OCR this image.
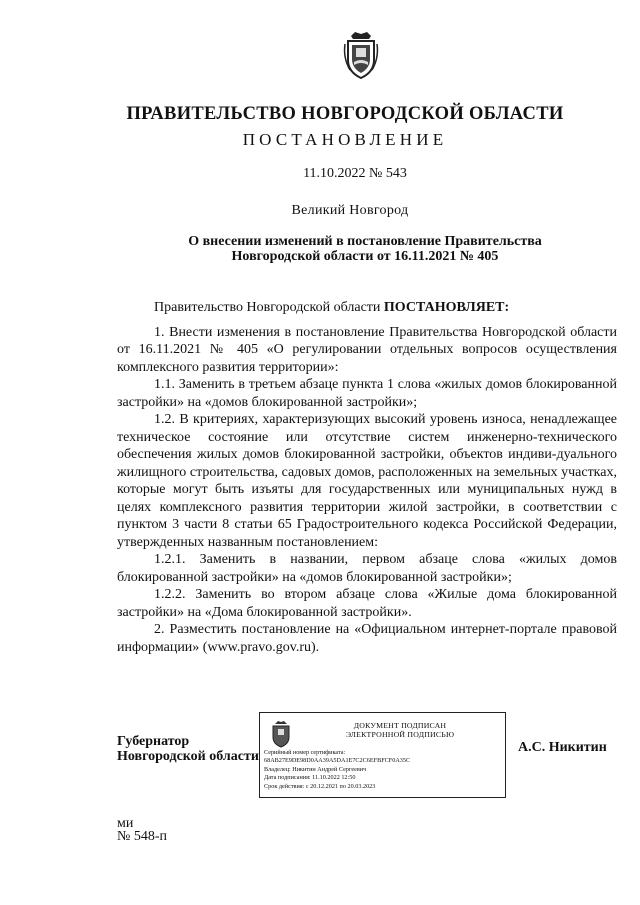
ПРАВИТЕЛЬСТВО НОВГОРОДСКОЙ ОБЛАСТИ
ПОСТАНОВЛЕНИЕ
11.10.2022 № 543
Великий Новгород
О внесении изменений в постановление Правительства
Новгородской области от 16.11.2021 № 405

Правительство Новгородской области ПОСТАНОВЛЯЕТ:

1. Внести изменения в постановление Правительства Новгородской области от 16.11.2021 № 405 «О регулировании отдельных вопросов осуществления комплексного развития территории»:

1.1. Заменить в третьем абзаце пункта 1 слова «жилых домов блокированной застройки» на «домов блокированной застройки»;

1.2. В критериях, характеризующих высокий уровень износа, ненадлежащее техническое состояние или отсутствие систем инженерно-технического обеспечения жилых домов блокированной застройки, объектов индиви-дуального жилищного строительства, садовых домов, расположенных на земельных участках, которые могут быть изъяты для государственных или муниципальных нужд в целях комплексного развития территории жилой застройки, в соответствии с пунктом 3 части 8 статьи 65 Градостроительного кодекса Российской Федерации, утвержденных названным постановлением:

1.2.1. Заменить в названии, первом абзаце слова «жилых домов блокированной застройки» на «домов блокированной застройки»;

1.2.2. Заменить во втором абзаце слова «Жилые дома блокированной застройки» на «Дома блокированной застройки».

2. Разместить постановление на «Официальном интернет-портале правовой информации» (www.pravo.gov.ru).

Губернатор
Новгородской области
ДОКУМЕНТ ПОДПИСАН
ЭЛЕКТРОННОЙ ПОДПИСЬЮ
Серийный номер сертификата:
68AB27E9DE98D0AA39A5DA1E7C2C6EFBFCF0A35C
Владелец: Никитин Андрей Сергеевич
Дата подписания: 11.10.2022 12:50
Срок действия: с 20.12.2021 по 20.03.2023
А.С. Никитин
ми
№ 548-п
